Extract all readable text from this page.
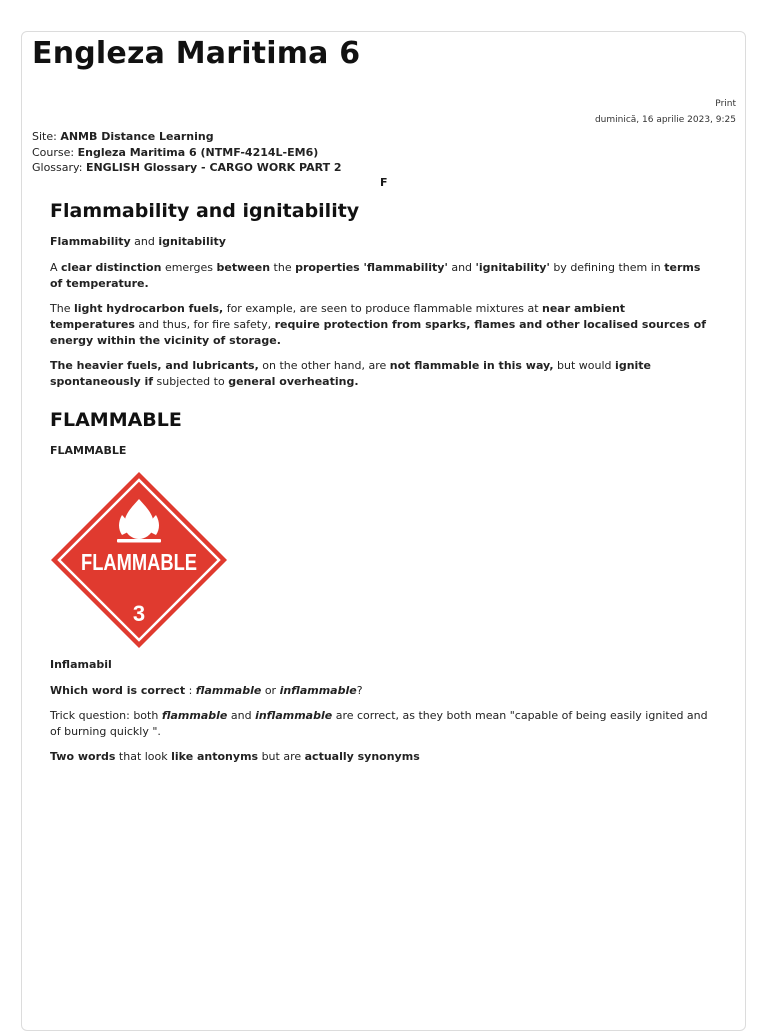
Engleza Maritima 6
Print
duminică, 16 aprilie 2023, 9:25
Site: ANMB Distance Learning
Course: Engleza Maritima 6 (NTMF-4214L-EM6)
Glossary: ENGLISH Glossary - CARGO WORK PART 2
F
Flammability and ignitability
Flammability and ignitability

A clear distinction emerges between the properties 'flammability' and 'ignitability' by defining them in terms of temperature.

The light hydrocarbon fuels, for example, are seen to produce flammable mixtures at near ambient temperatures and thus, for fire safety, require protection from sparks, flames and other localised sources of energy within the vicinity of storage.

The heavier fuels, and lubricants, on the other hand, are not flammable in this way, but would ignite spontaneously if subjected to general overheating.

FLAMMABLE
FLAMMABLE
FLAMMABLE
3
Inflamabil

Which word is correct : flammable or inflammable?

Trick question: both flammable and inflammable are correct, as they both mean "capable of being easily ignited and of burning quickly ".

Two words that look like antonyms but are actually synonyms
